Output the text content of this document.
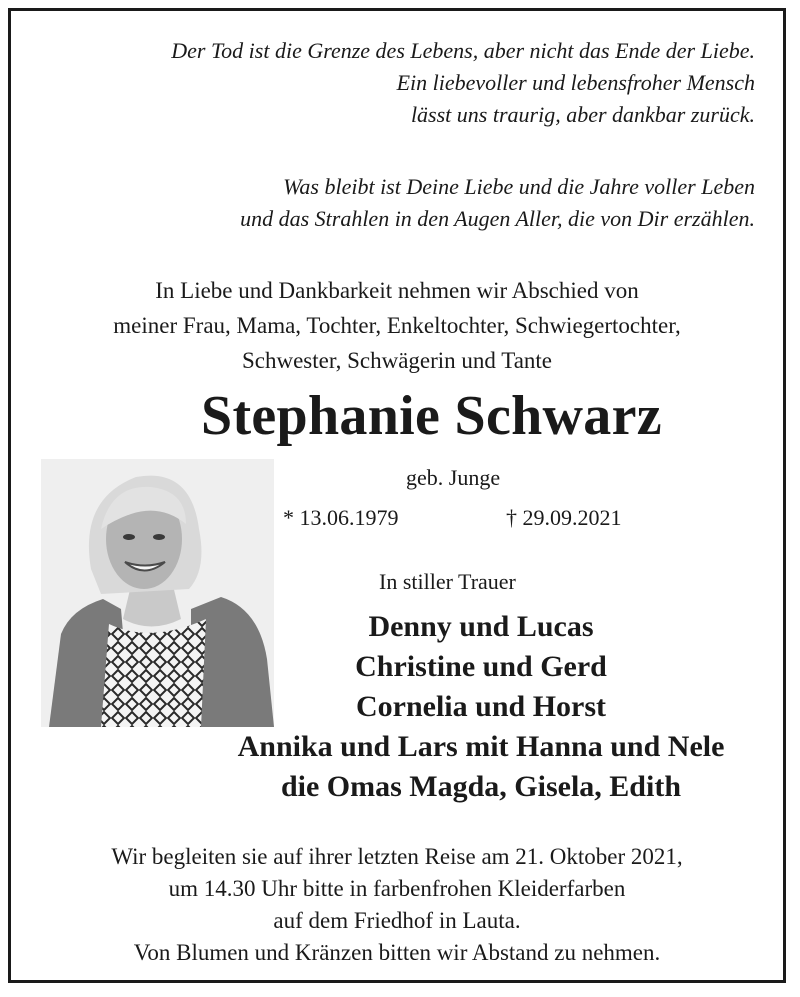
Der Tod ist die Grenze des Lebens, aber nicht das Ende der Liebe.
Ein liebevoller und lebensfroher Mensch
lässt uns traurig, aber dankbar zurück.
Was bleibt ist Deine Liebe und die Jahre voller Leben
und das Strahlen in den Augen Aller, die von Dir erzählen.
In Liebe und Dankbarkeit nehmen wir Abschied von
meiner Frau, Mama, Tochter, Enkeltochter, Schwiegertochter,
Schwester, Schwägerin und Tante
Stephanie Schwarz
geb. Junge
* 13.06.1979	† 29.09.2021
In stiller Trauer
Denny und Lucas
Christine und Gerd
Cornelia und Horst
Annika und Lars mit Hanna und Nele
die Omas Magda, Gisela, Edith
Wir begleiten sie auf ihrer letzten Reise am 21. Oktober 2021,
um 14.30 Uhr bitte in farbenfrohen Kleiderfarben
auf dem Friedhof in Lauta.
Von Blumen und Kränzen bitten wir Abstand zu nehmen.
